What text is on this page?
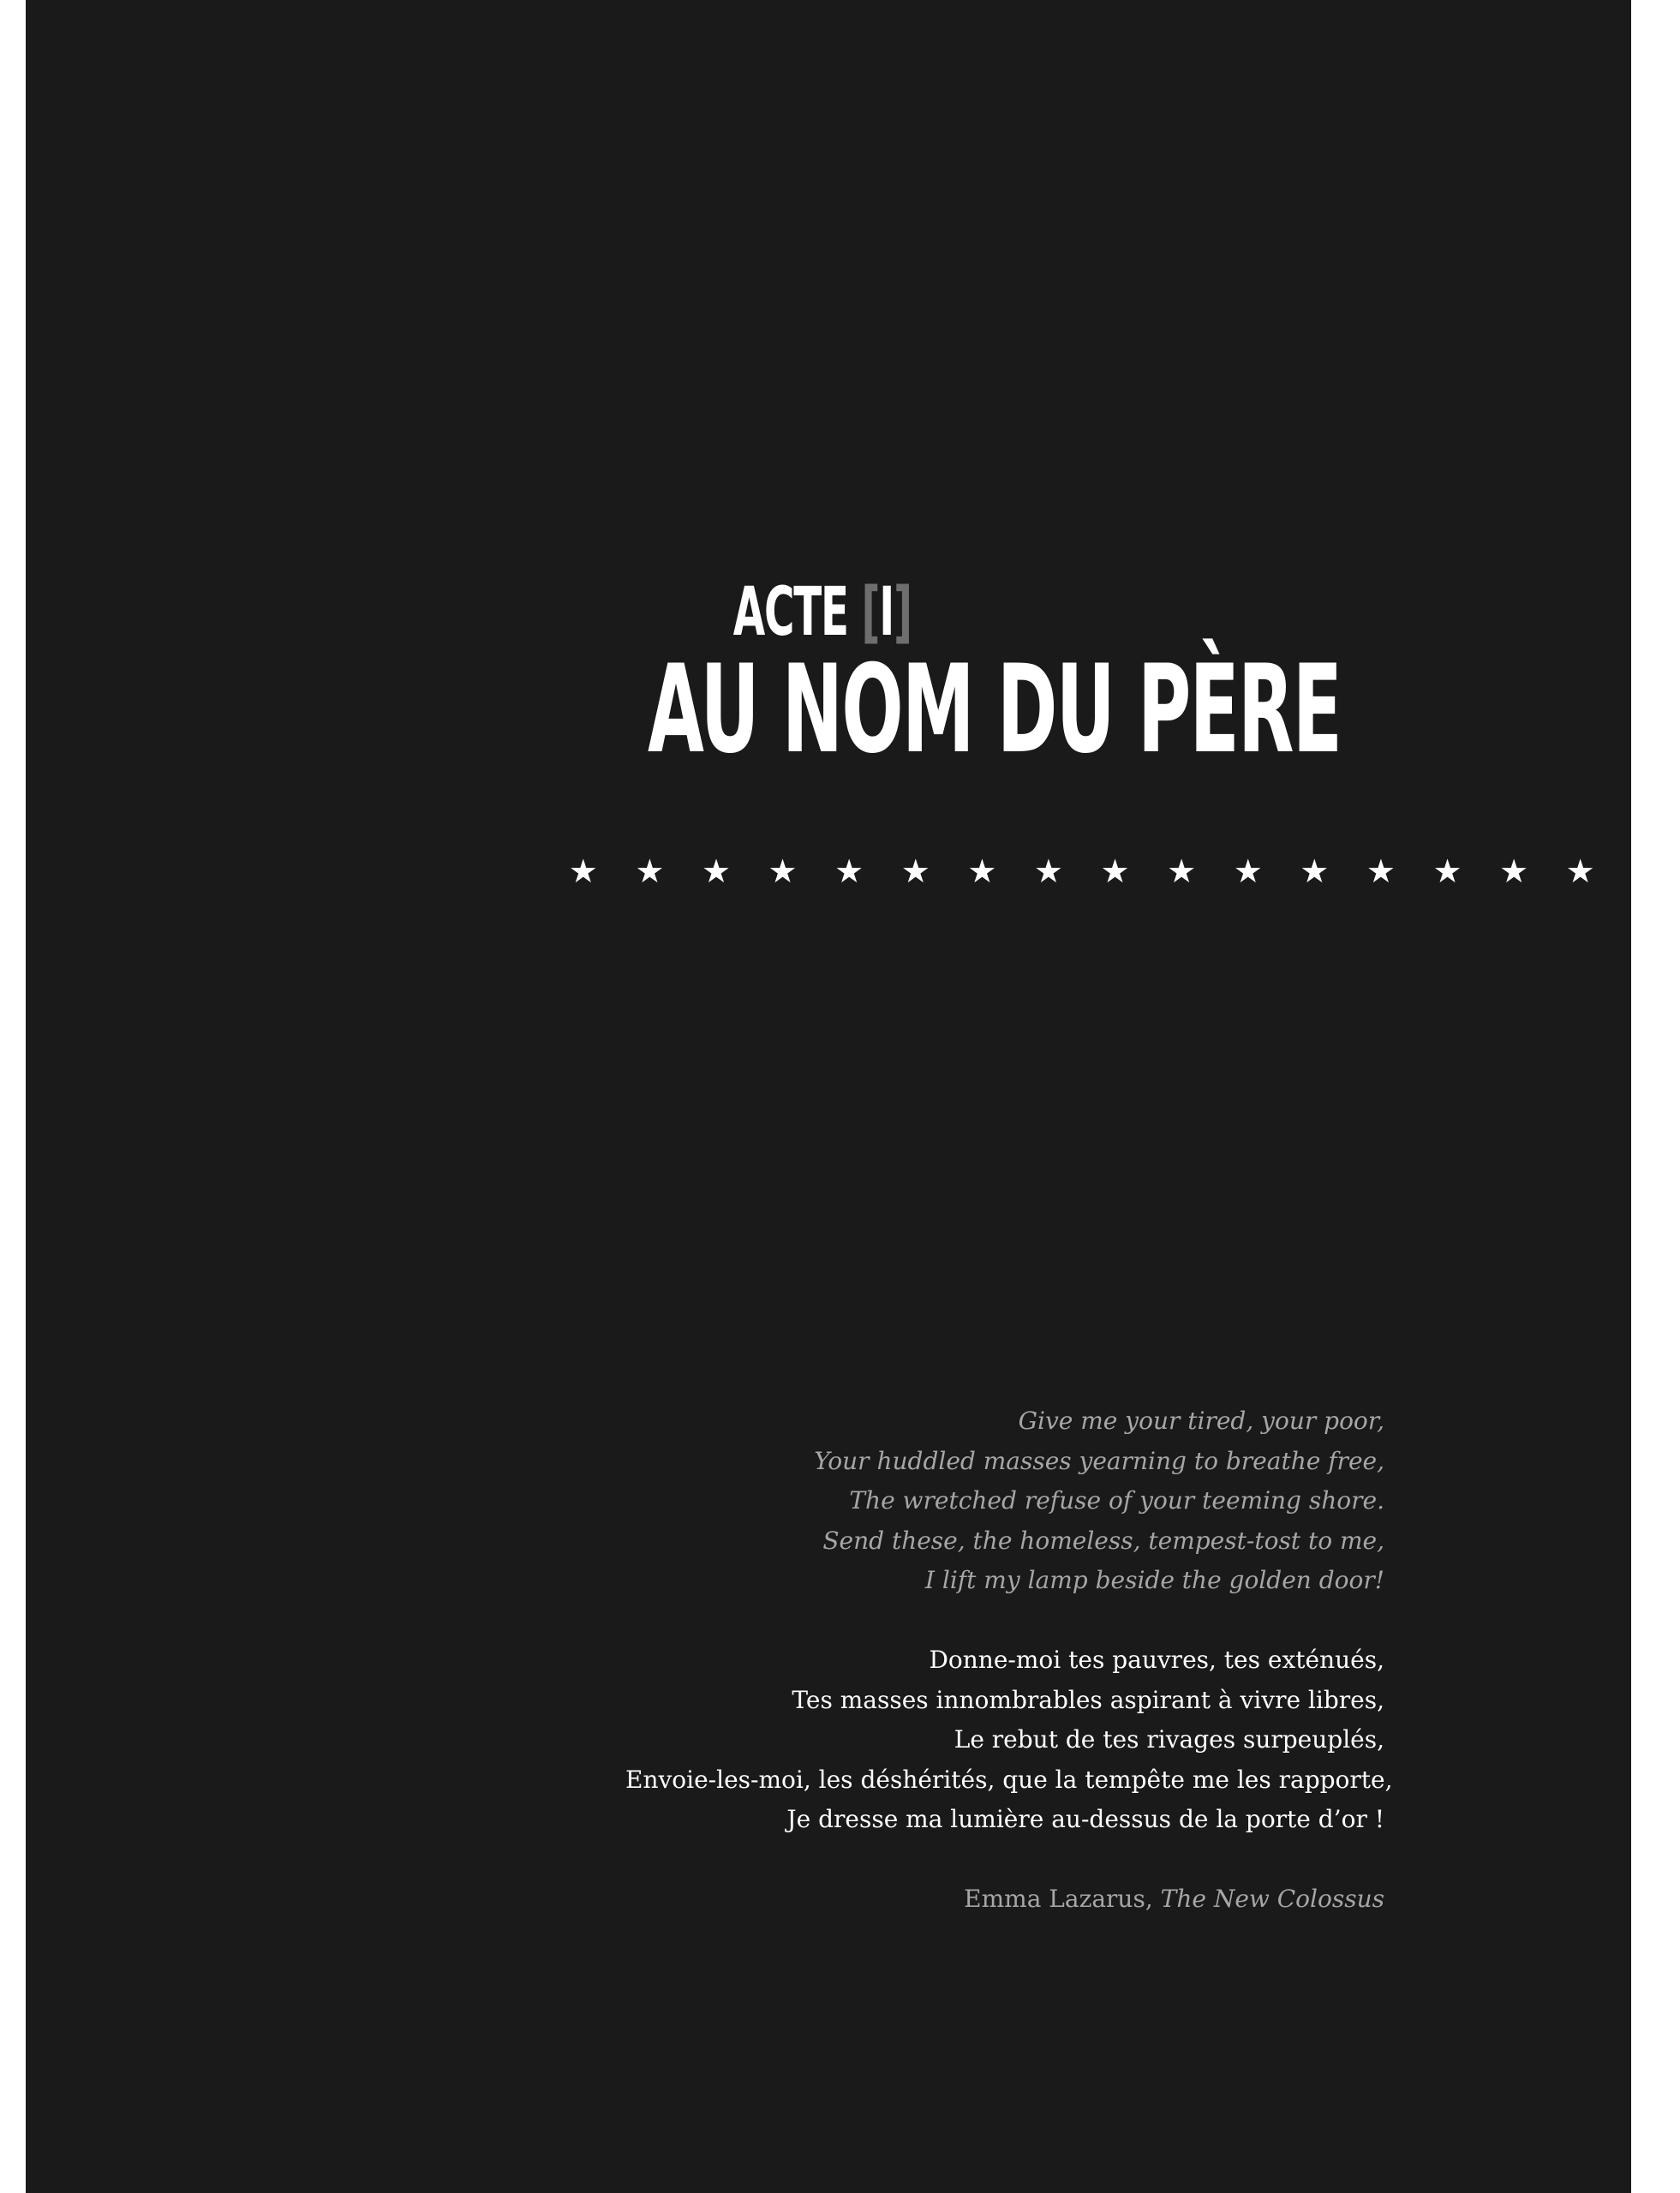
ACTE [I]
AU NOM DU PÈRE
★ ★ ★ ★ ★ ★ ★ ★ ★ ★ ★ ★ ★ ★ ★ ★ ★

Give me your tired, your poor,
Your huddled masses yearning to breathe free,
The wretched refuse of your teeming shore.
Send these, the homeless, tempest-tost to me,
I lift my lamp beside the golden door!

Donne-moi tes pauvres, tes exténués,
Tes masses innombrables aspirant à vivre libres,
Le rebut de tes rivages surpeuplés,
Envoie-les-moi, les déshérités, que la tempête me les rapporte,
Je dresse ma lumière au-dessus de la porte d’or !

Emma Lazarus, The New Colossus
